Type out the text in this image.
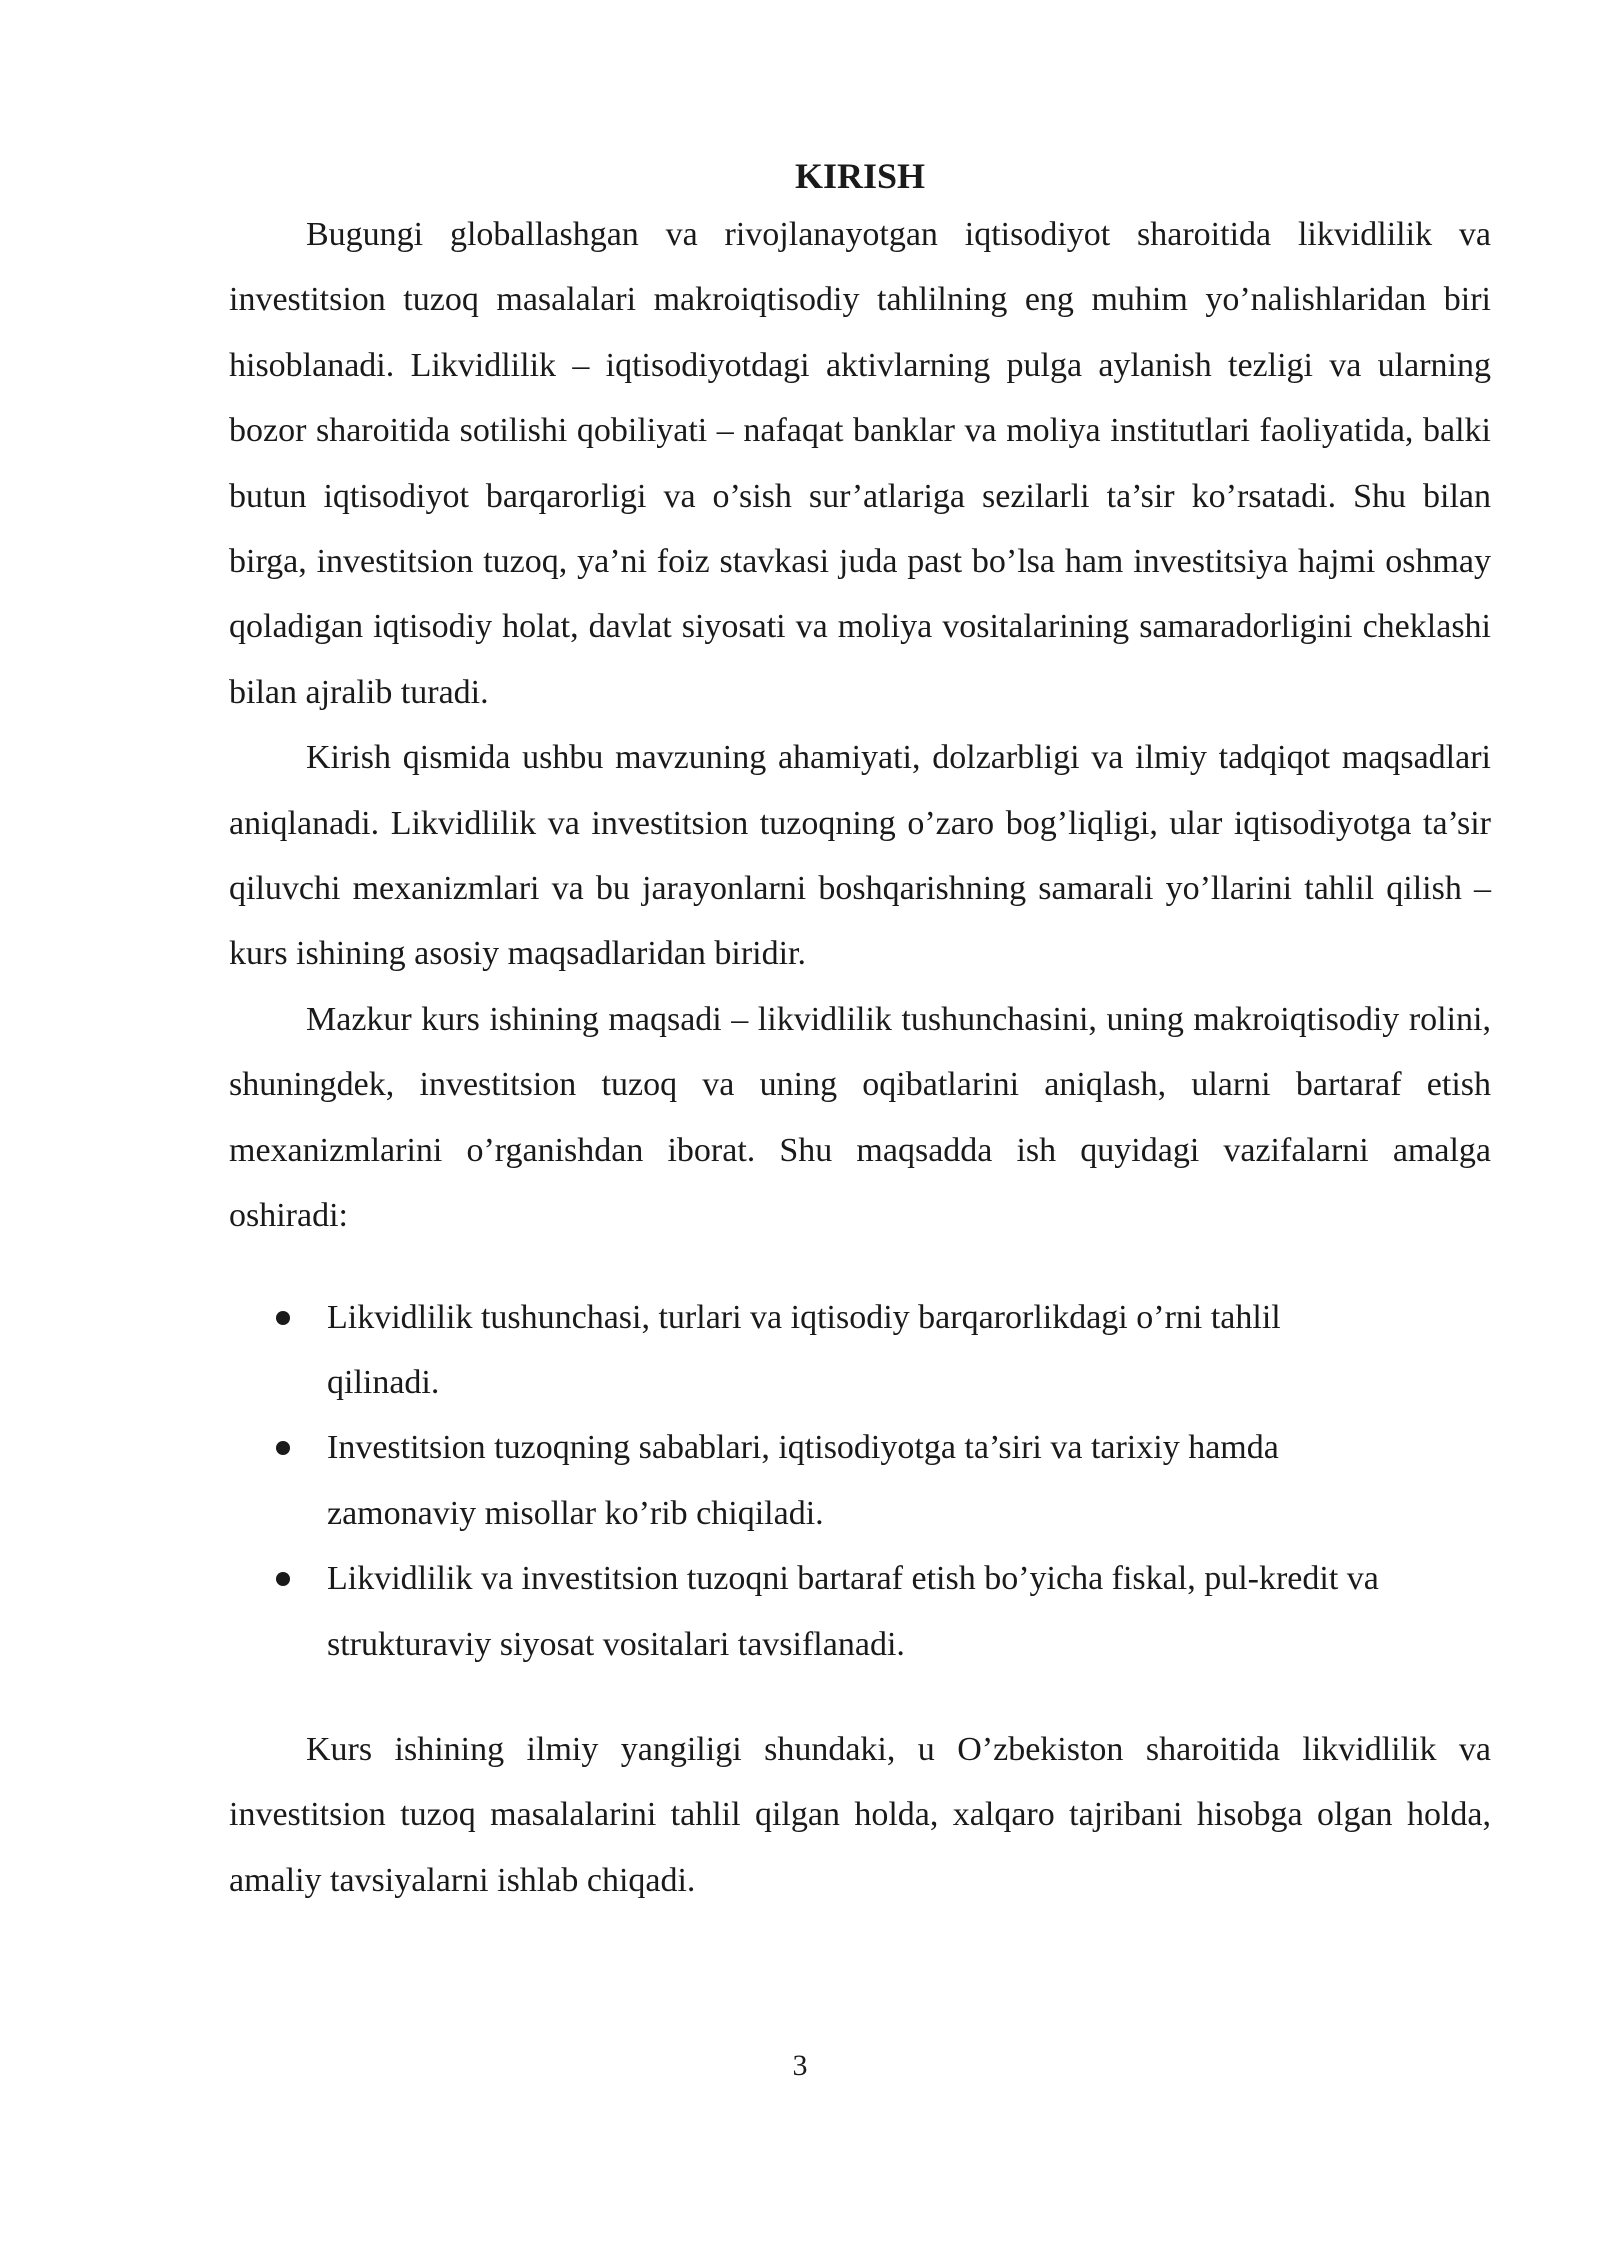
KIRISH

Bugungi globallashgan va rivojlanayotgan iqtisodiyot sharoitida likvidlilik va investitsion tuzoq masalalari makroiqtisodiy tahlilning eng muhim yo’nalishlaridan biri hisoblanadi. Likvidlilik – iqtisodiyotdagi aktivlarning pulga aylanish tezligi va ularning bozor sharoitida sotilishi qobiliyati – nafaqat banklar va moliya institutlari faoliyatida, balki butun iqtisodiyot barqarorligi va o’sish sur’atlariga sezilarli ta’sir ko’rsatadi. Shu bilan birga, investitsion tuzoq, ya’ni foiz stavkasi juda past bo’lsa ham investitsiya hajmi oshmay qoladigan iqtisodiy holat, davlat siyosati va moliya vositalarining samaradorligini cheklashi bilan ajralib turadi.

Kirish qismida ushbu mavzuning ahamiyati, dolzarbligi va ilmiy tadqiqot maqsadlari aniqlanadi. Likvidlilik va investitsion tuzoqning o’zaro bog’liqligi, ular iqtisodiyotga ta’sir qiluvchi mexanizmlari va bu jarayonlarni boshqarishning samarali yo’llarini tahlil qilish – kurs ishining asosiy maqsadlaridan biridir.

Mazkur kurs ishining maqsadi – likvidlilik tushunchasini, uning makroiqtisodiy rolini, shuningdek, investitsion tuzoq va uning oqibatlarini aniqlash, ularni bartaraf etish mexanizmlarini o’rganishdan iborat. Shu maqsadda ish quyidagi vazifalarni amalga oshiradi:

Likvidlilik tushunchasi, turlari va iqtisodiy barqarorlikdagi o’rni tahlil qilinadi.
Investitsion tuzoqning sabablari, iqtisodiyotga ta’siri va tarixiy hamda zamonaviy misollar ko’rib chiqiladi.
Likvidlilik va investitsion tuzoqni bartaraf etish bo’yicha fiskal, pul-kredit va strukturaviy siyosat vositalari tavsiflanadi.

Kurs ishining ilmiy yangiligi shundaki, u O’zbekiston sharoitida likvidlilik va investitsion tuzoq masalalarini tahlil qilgan holda, xalqaro tajribani hisobga olgan holda, amaliy tavsiyalarni ishlab chiqadi.

3
